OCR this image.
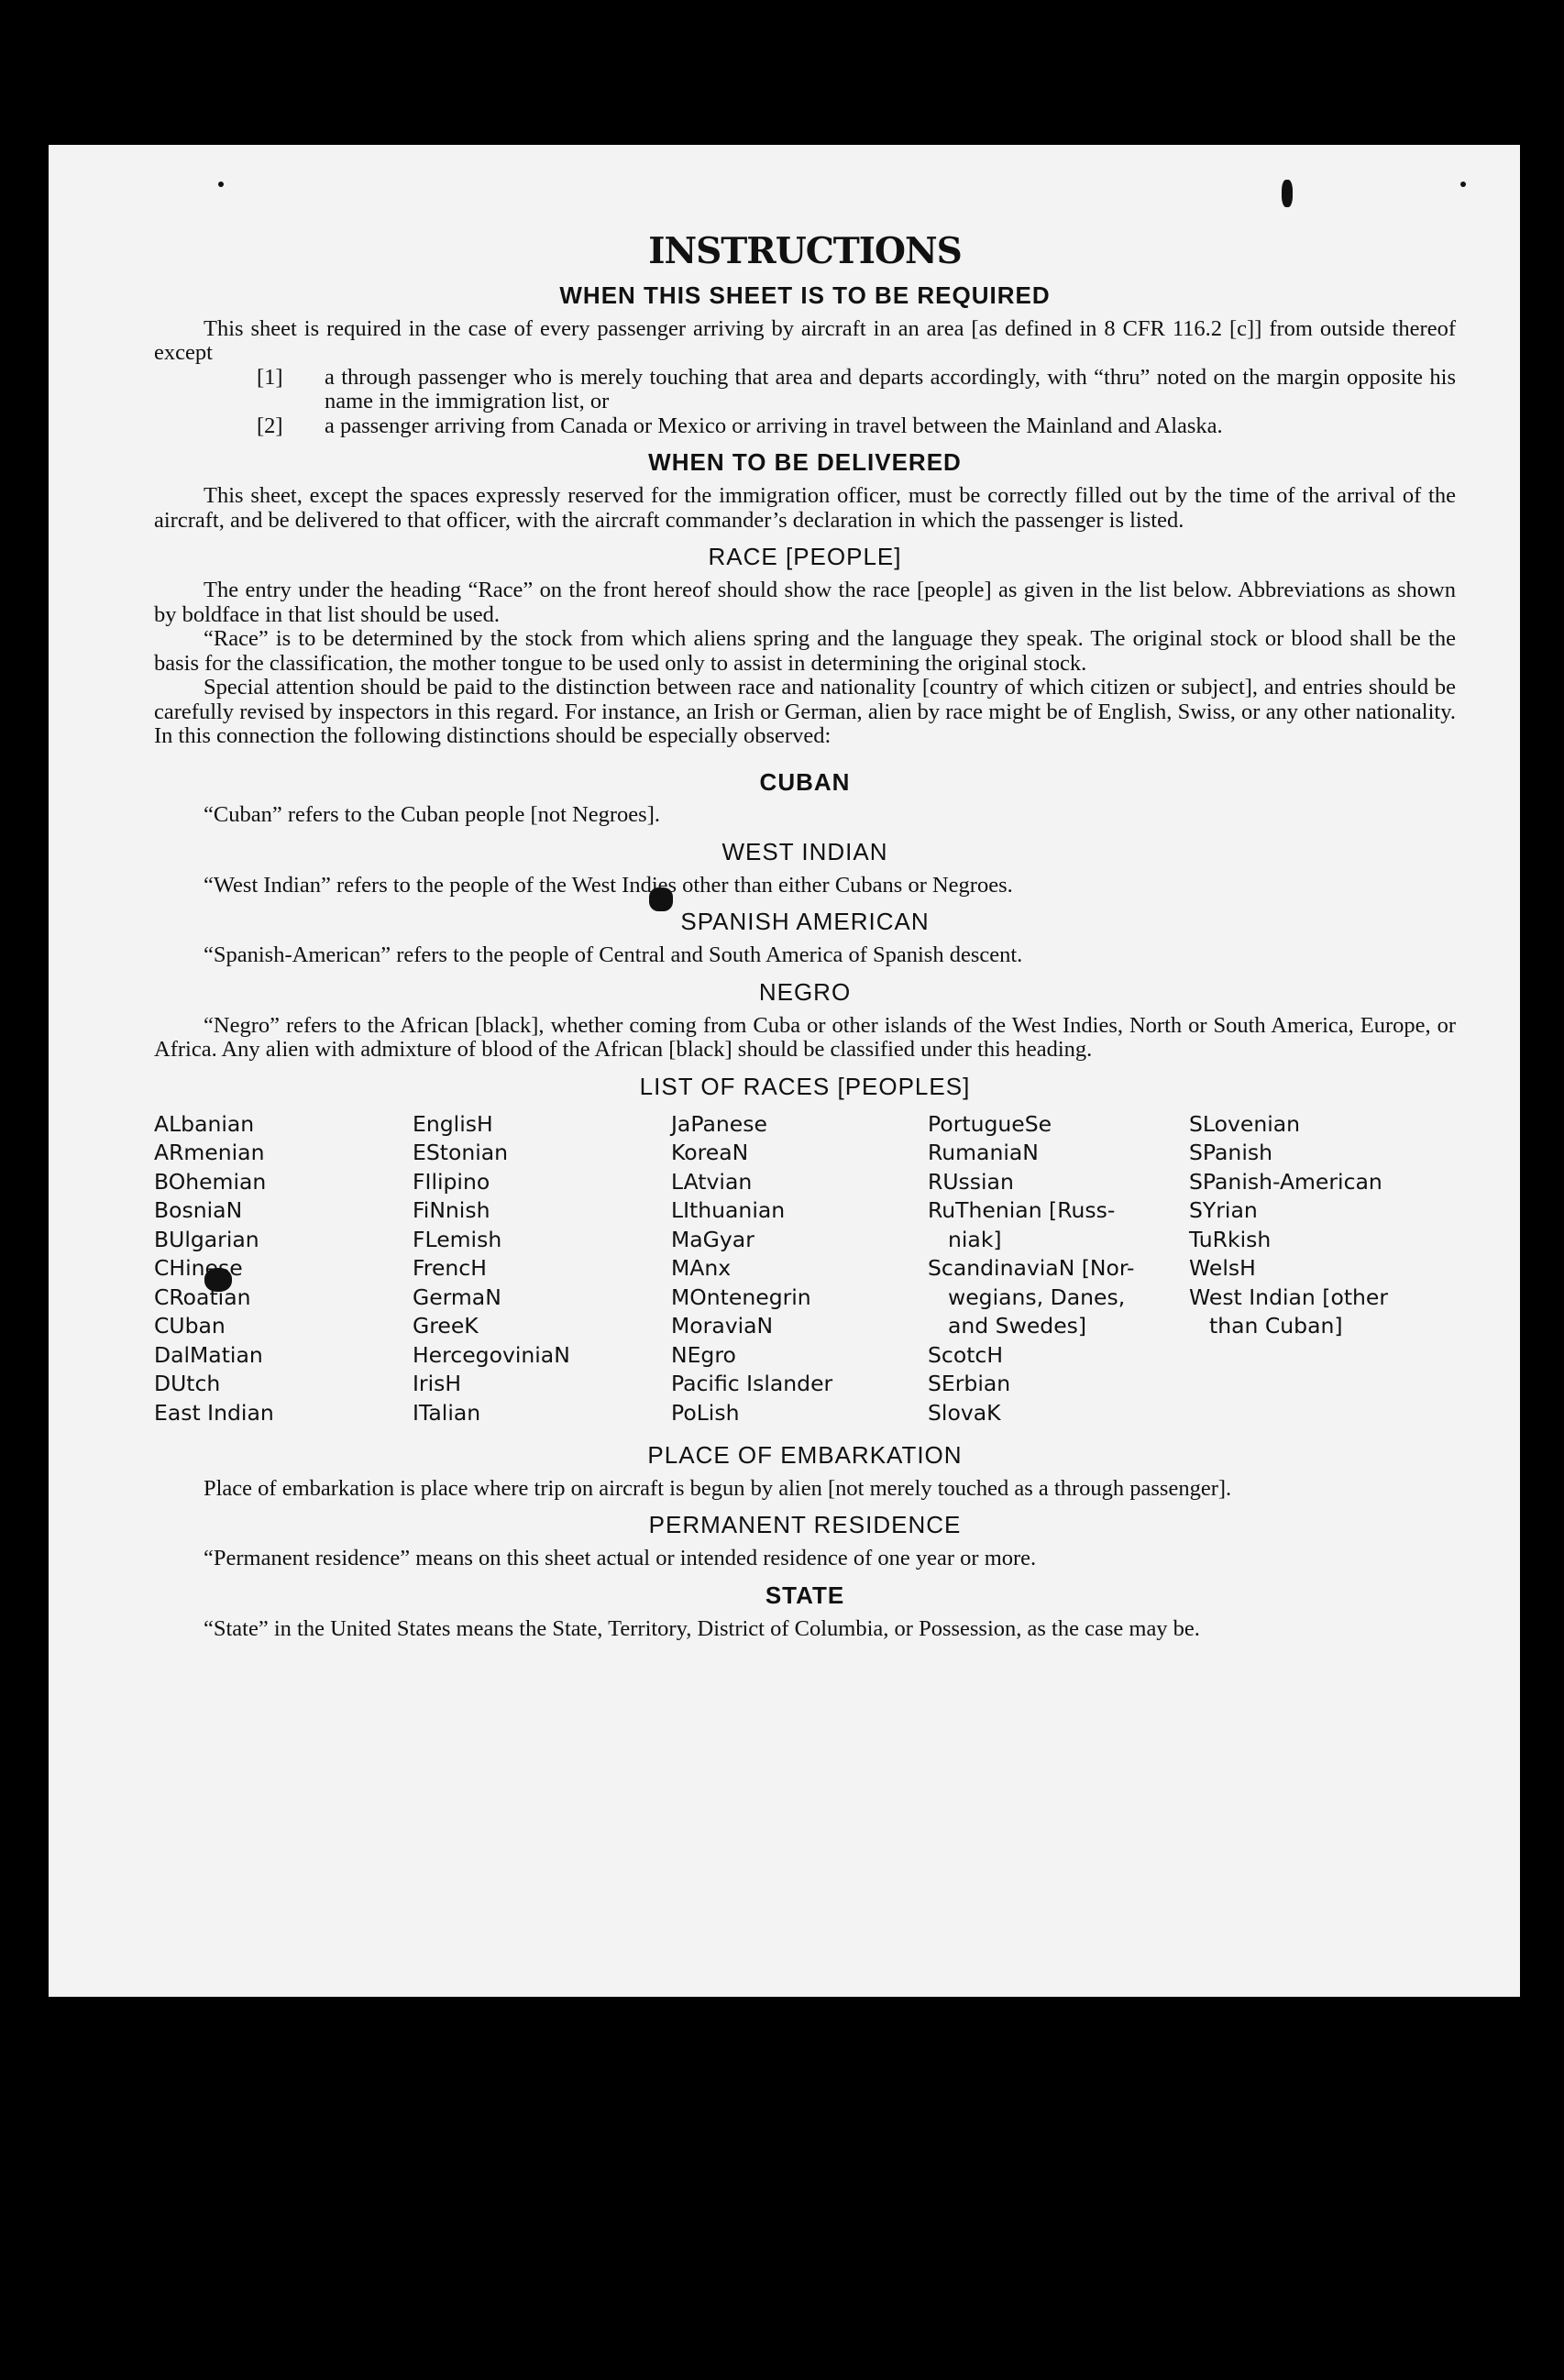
INSTRUCTIONS
WHEN THIS SHEET IS TO BE REQUIRED

This sheet is required in the case of every passenger arriving by aircraft in an area [as defined in 8 CFR 116.2 [c]] from outside thereof except

[1] a through passenger who is merely touching that area and departs accordingly, with “thru” noted on the margin opposite his name in the immigration list, or
[2] a passenger arriving from Canada or Mexico or arriving in travel between the Mainland and Alaska.
WHEN TO BE DELIVERED

This sheet, except the spaces expressly reserved for the immigration officer, must be correctly filled out by the time of the arrival of the aircraft, and be delivered to that officer, with the aircraft commander’s declaration in which the passenger is listed.

RACE [PEOPLE]

The entry under the heading “Race” on the front hereof should show the race [people] as given in the list below. Abbreviations as shown by boldface in that list should be used.

“Race” is to be determined by the stock from which aliens spring and the language they speak. The original stock or blood shall be the basis for the classification, the mother tongue to be used only to assist in determining the original stock.

Special attention should be paid to the distinction between race and nationality [country of which citizen or subject], and entries should be carefully revised by inspectors in this regard. For instance, an Irish or German, alien by race might be of English, Swiss, or any other nationality. In this connection the following distinctions should be especially observed:

CUBAN

“Cuban” refers to the Cuban people [not Negroes].

WEST INDIAN

“West Indian” refers to the people of the West Indies other than either Cubans or Negroes.

SPANISH AMERICAN

“Spanish-American” refers to the people of Central and South America of Spanish descent.

NEGRO

“Negro” refers to the African [black], whether coming from Cuba or other islands of the West Indies, North or South America, Europe, or Africa. Any alien with admixture of blood of the African [black] should be classified under this heading.

LIST OF RACES [PEOPLES]
ALbanian
ARmenian
BOhemian
BosniaN
BUlgarian
CHinese
CRoatian
CUban
DalMatian
DUtch
East Indian
EnglisH
EStonian
FIlipino
FiNnish
FLemish
FrencH
GermaN
GreeK
HercegoviniaN
IrisH
ITalian
JaPanese
KoreaN
LAtvian
LIthuanian
MaGyar
MAnx
MOntenegrin
MoraviaN
NEgro
Pacific Islander
PoLish
PortugueSe
RumaniaN
RUssian
RuThenian [Russ-
niak]
ScandinaviaN [Nor-
wegians, Danes,
and Swedes]
ScotcH
SErbian
SlovaK
SLovenian
SPanish
SPanish-American
SYrian
TuRkish
WelsH
West Indian [other
than Cuban]
PLACE OF EMBARKATION

Place of embarkation is place where trip on aircraft is begun by alien [not merely touched as a through passenger].

PERMANENT RESIDENCE

“Permanent residence” means on this sheet actual or intended residence of one year or more.

STATE

“State” in the United States means the State, Territory, District of Columbia, or Possession, as the case may be.
